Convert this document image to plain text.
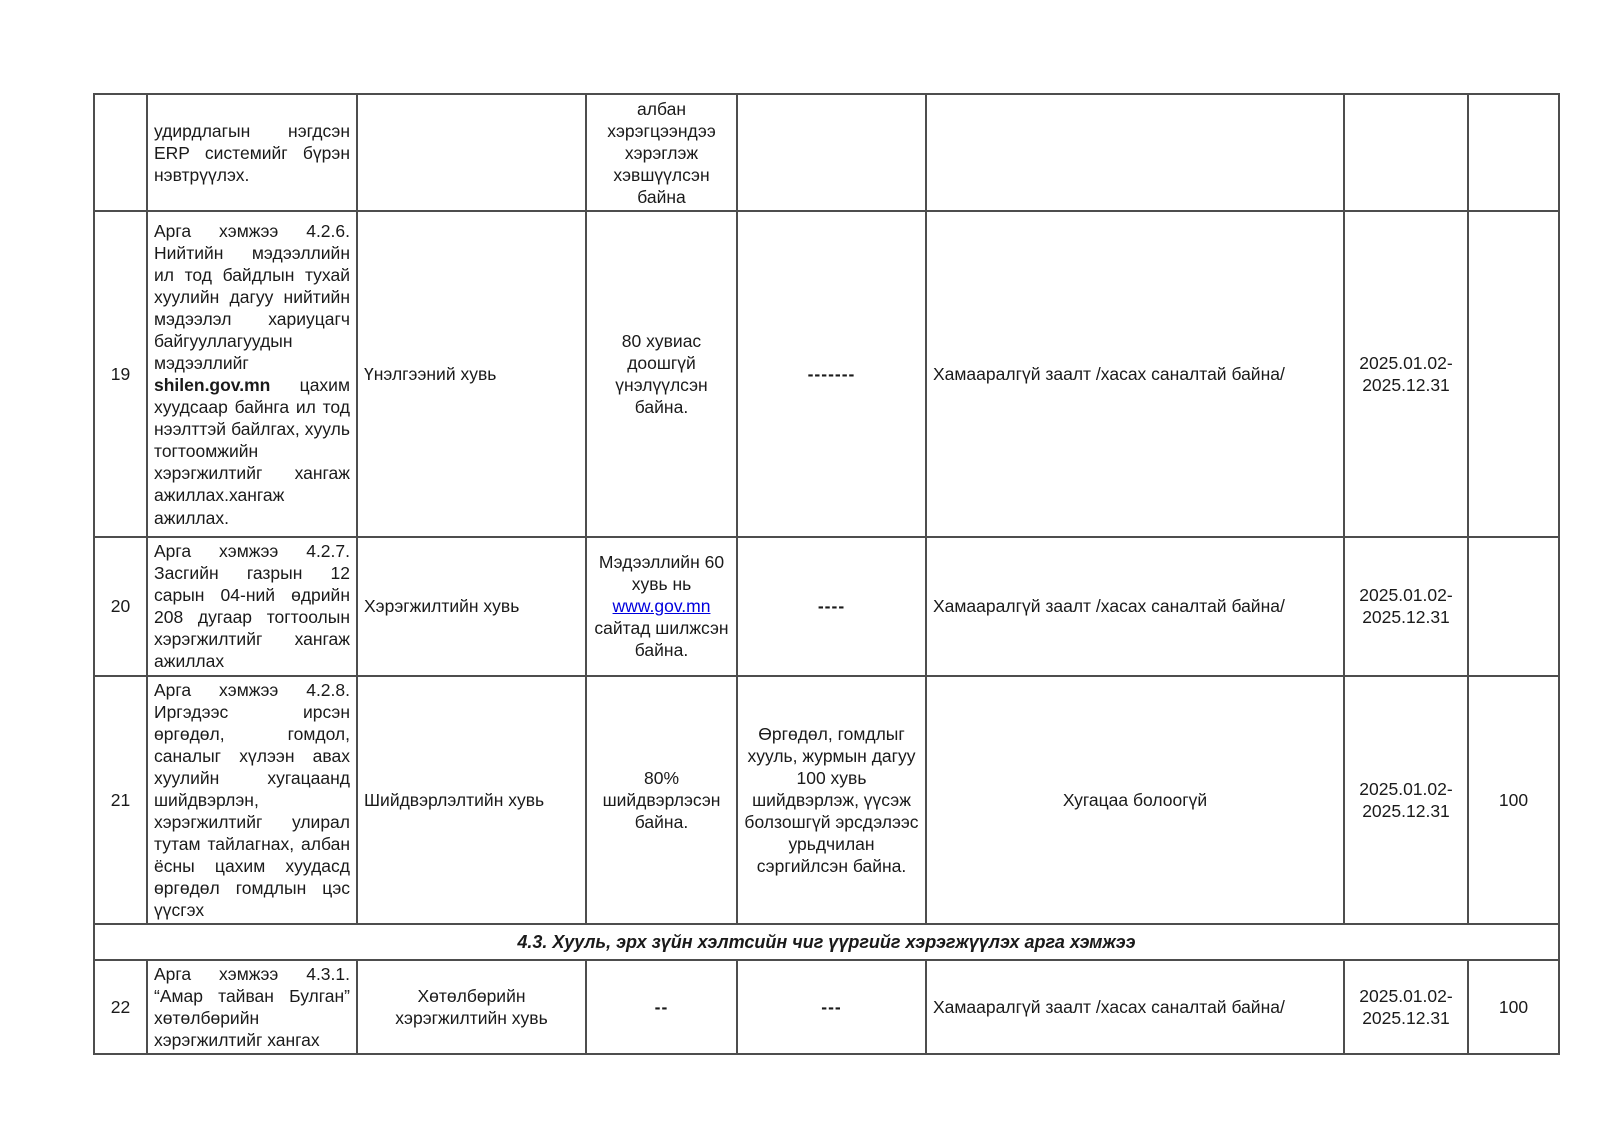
	удирдлагын нэгдсэн ERP системийг бүрэн нэвтрүүлэх.		албан хэрэгцээндээ хэрэглэж хэвшүүлсэн байна				
19	Арга хэмжээ 4.2.6. Нийтийн мэдээллийн ил тод байдлын тухай хуулийн дагуу нийтийн мэдээлэл хариуцагч байгууллагуудын мэдээллийг shilen.gov.mn цахим хуудсаар байнга ил тод нээлттэй байлгах, хууль тогтоомжийн хэрэгжилтийг хангаж ажиллах.хангаж ажиллах.	Үнэлгээний хувь	80 хувиас доошгүй үнэлүүлсэн байна.	-------	Хамааралгүй заалт /хасах саналтай байна/	2025.01.02-2025.12.31	
20	Арга хэмжээ 4.2.7. Засгийн газрын 12 сарын 04-ний өдрийн 208 дугаар тогтоолын хэрэгжилтийг хангаж ажиллах	Хэрэгжилтийн хувь	Мэдээллийн 60 хувь нь www.gov.mn сайтад шилжсэн байна.	----	Хамааралгүй заалт /хасах саналтай байна/	2025.01.02-2025.12.31	
21	Арга хэмжээ 4.2.8. Иргэдээс ирсэн өргөдөл, гомдол, саналыг хүлээн авах хуулийн хугацаанд шийдвэрлэн, хэрэгжилтийг улирал тутам тайлагнах, албан ёсны цахим хуудасд өргөдөл гомдлын цэс үүсгэх	Шийдвэрлэлтийн хувь	80% шийдвэрлэсэн байна.	Өргөдөл, гомдлыг хууль, журмын дагуу 100 хувь шийдвэрлэж, үүсэж болзошгүй эрсдэлээс урьдчилан сэргийлсэн байна.	Хугацаа болоогүй	2025.01.02-2025.12.31	100
4.3. Хууль, эрх зүйн хэлтсийн чиг үүргийг хэрэгжүүлэх арга хэмжээ							
22	Арга хэмжээ 4.3.1. “Амар тайван Булган” хөтөлбөрийн хэрэгжилтийг хангах	Хөтөлбөрийн хэрэгжилтийн хувь	--	---	Хамааралгүй заалт /хасах саналтай байна/	2025.01.02-2025.12.31	100
